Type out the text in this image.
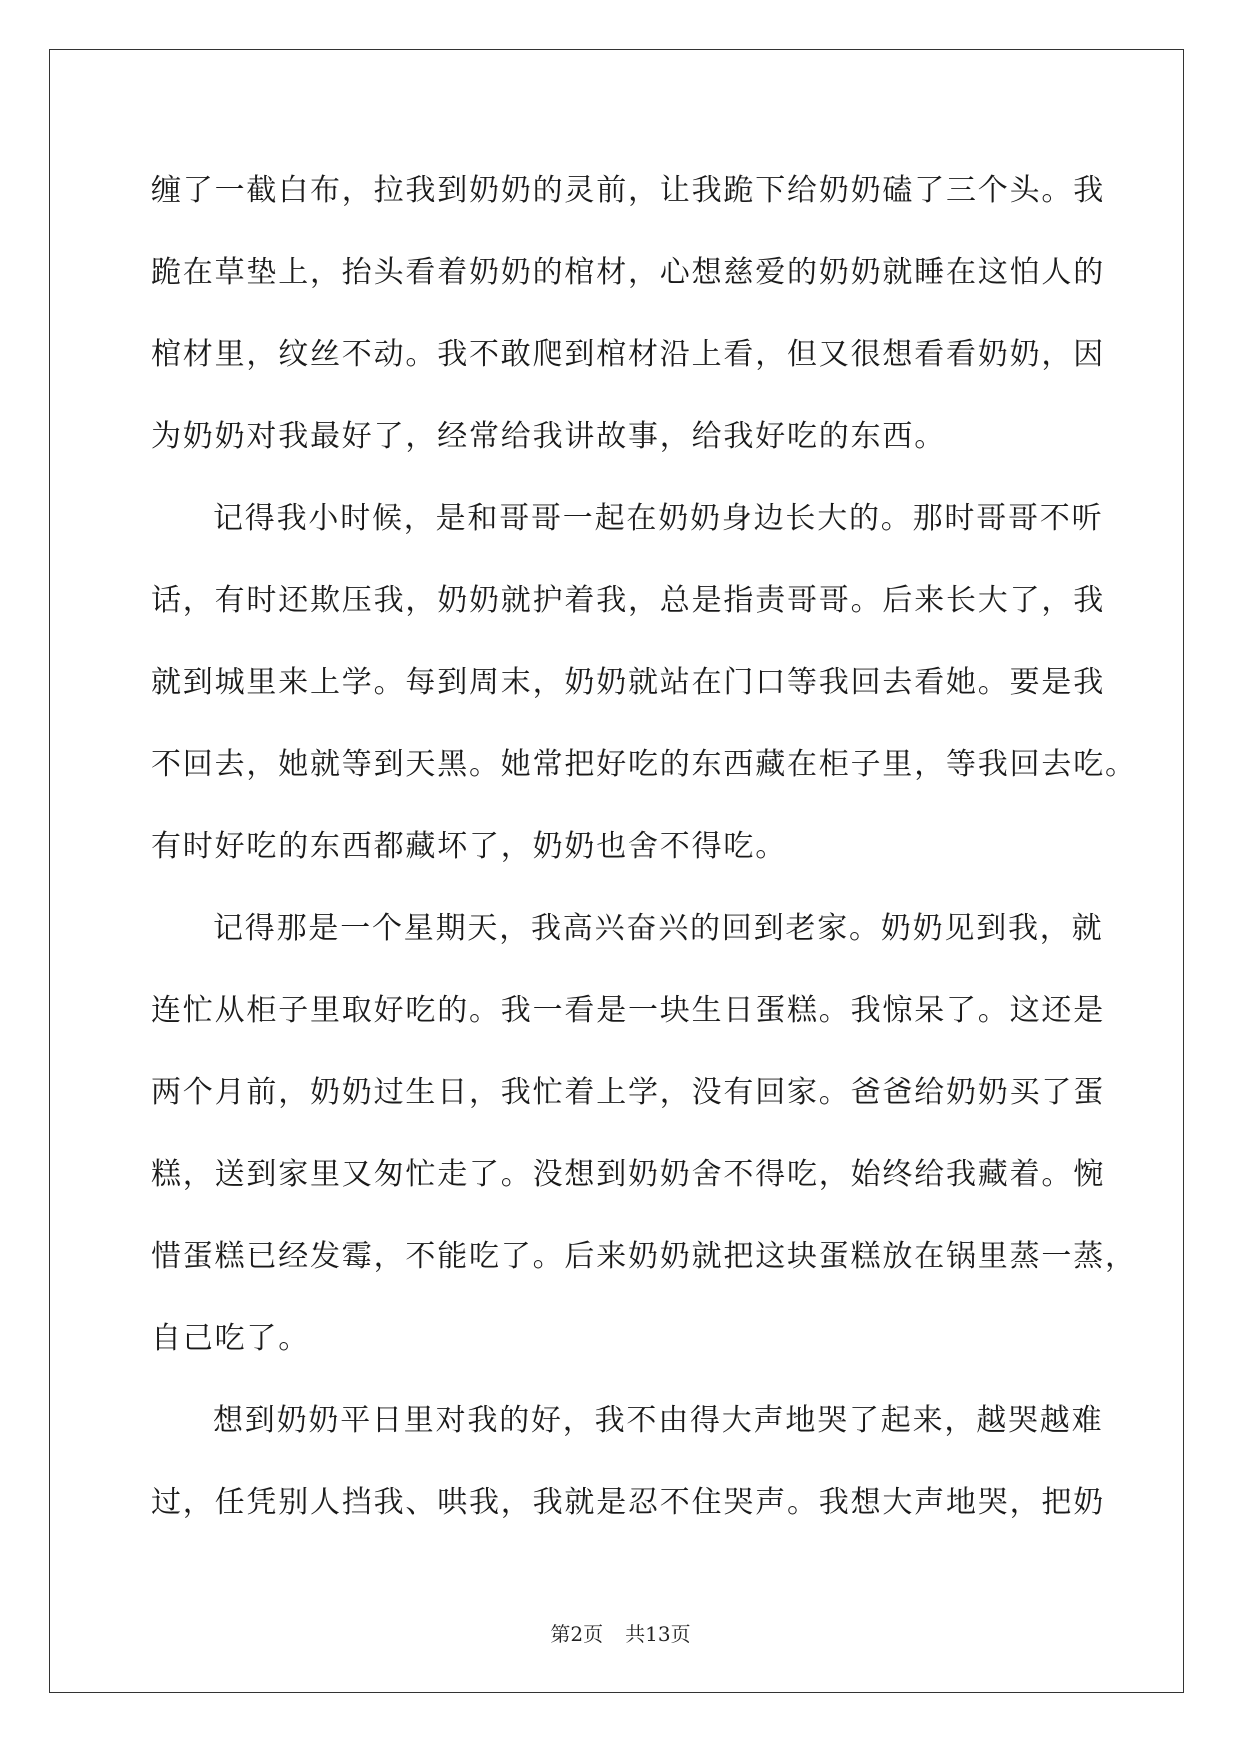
缠了一截白布，拉我到奶奶的灵前，让我跪下给奶奶磕了三个头。我
跪在草垫上，抬头看着奶奶的棺材，心想慈爱的奶奶就睡在这怕人的
棺材里，纹丝不动。我不敢爬到棺材沿上看，但又很想看看奶奶，因
为奶奶对我最好了，经常给我讲故事，给我好吃的东西。
记得我小时候，是和哥哥一起在奶奶身边长大的。那时哥哥不听
话，有时还欺压我，奶奶就护着我，总是指责哥哥。后来长大了，我
就到城里来上学。每到周末，奶奶就站在门口等我回去看她。要是我
不回去，她就等到天黑。她常把好吃的东西藏在柜子里，等我回去吃。
有时好吃的东西都藏坏了，奶奶也舍不得吃。
记得那是一个星期天，我高兴奋兴的回到老家。奶奶见到我，就
连忙从柜子里取好吃的。我一看是一块生日蛋糕。我惊呆了。这还是
两个月前，奶奶过生日，我忙着上学，没有回家。爸爸给奶奶买了蛋
糕，送到家里又匆忙走了。没想到奶奶舍不得吃，始终给我藏着。惋
惜蛋糕已经发霉，不能吃了。后来奶奶就把这块蛋糕放在锅里蒸一蒸，
自己吃了。
想到奶奶平日里对我的好，我不由得大声地哭了起来，越哭越难
过，任凭别人挡我、哄我，我就是忍不住哭声。我想大声地哭，把奶
第2页 共13页
